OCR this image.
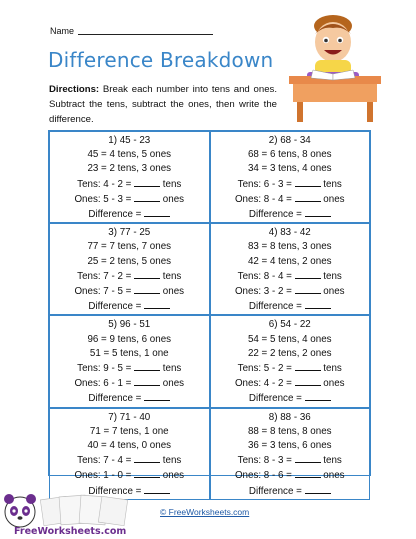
Name
Difference Breakdown
Directions: Break each number into tens and ones. Subtract the tens, subtract the ones, then write the difference.
1) 45 - 23
45 = 4 tens, 5 ones
23 = 2 tens, 3 ones
Tens: 4 - 2 =	tens
Ones: 5 - 3 =	ones
Difference =
2) 68 - 34
68 = 6 tens, 8 ones
34 = 3 tens, 4 ones
Tens: 6 - 3 =	tens
Ones: 8 - 4 =	ones
Difference =
3) 77 - 25
77 = 7 tens, 7 ones
25 = 2 tens, 5 ones
Tens: 7 - 2 =	tens
Ones: 7 - 5 =	ones
Difference =
4) 83 - 42
83 = 8 tens, 3 ones
42 = 4 tens, 2 ones
Tens: 8 - 4 =	tens
Ones: 3 - 2 =	ones
Difference =
5) 96 - 51
96 = 9 tens, 6 ones
51 = 5 tens, 1 one
Tens: 9 - 5 =	tens
Ones: 6 - 1 =	ones
Difference =
6) 54 - 22
54 = 5 tens, 4 ones
22 = 2 tens, 2 ones
Tens: 5 - 2 =	tens
Ones: 4 - 2 =	ones
Difference =
7) 71 - 40
71 = 7 tens, 1 one
40 = 4 tens, 0 ones
Tens: 7 - 4 =	tens
Ones: 1 - 0 =	ones
Difference =
8) 88 - 36
88 = 8 tens, 8 ones
36 = 3 tens, 6 ones
Tens: 8 - 3 =	tens
Ones: 8 - 6 =	ones
Difference =
FreeWorksheets.com
© FreeWorksheets.com
